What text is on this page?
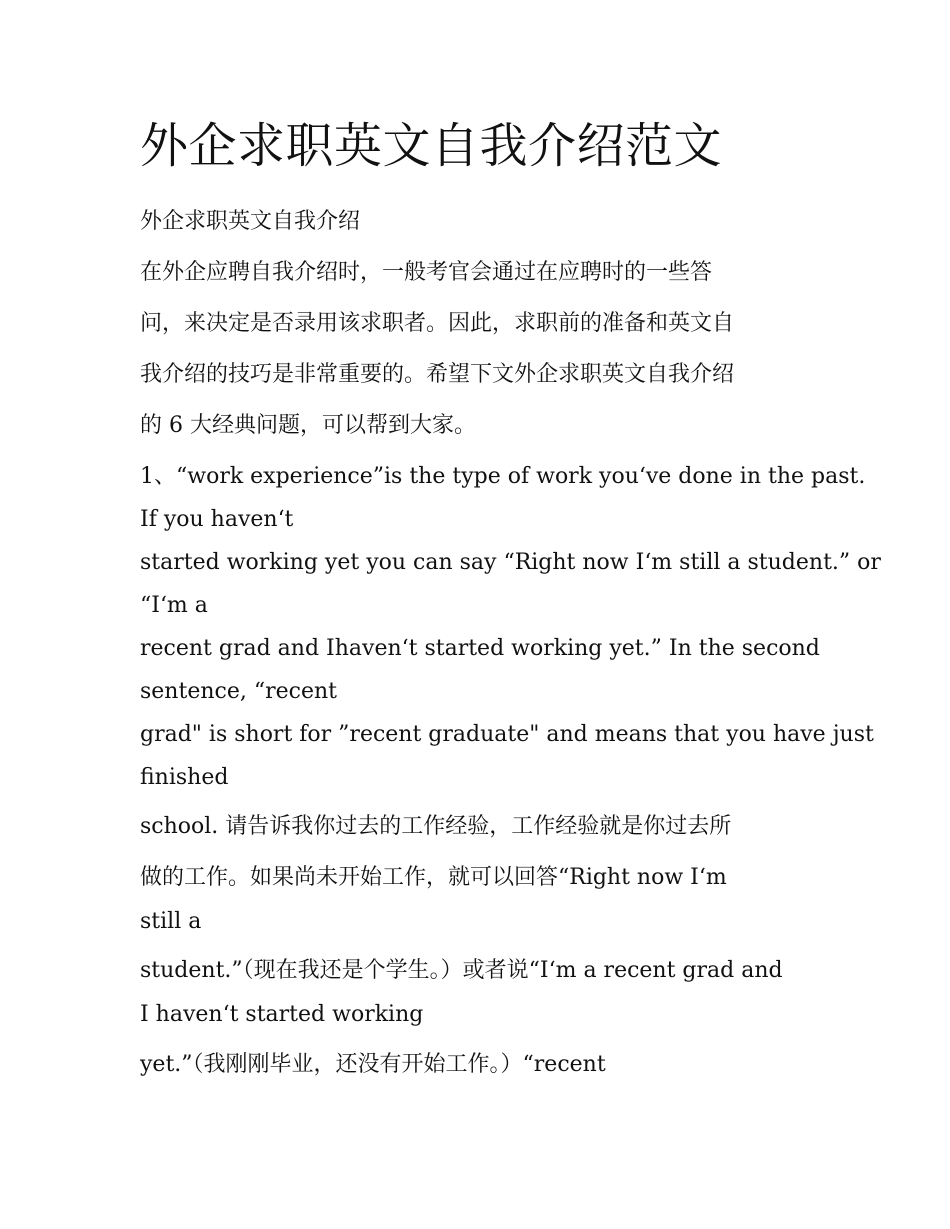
外企求职英文自我介绍范文

外企求职英文自我介绍

在外企应聘自我介绍时，一般考官会通过在应聘时的一些答
问，来决定是否录用该求职者。因此，求职前的准备和英文自
我介绍的技巧是非常重要的。希望下文外企求职英文自我介绍
的 6 大经典问题，可以帮到大家。
1、“work experience”is the type of work you‘ve done in the past.
If you haven‘t
started working yet you can say “Right now I‘m still a student.” or
“I‘m a
recent grad and Ihaven‘t started working yet.” In the second
sentence, “recent
grad" is short for ”recent graduate" and means that you have just
finished
school. 请告诉我你过去的工作经验，工作经验就是你过去所
做的工作。如果尚未开始工作，就可以回答“Right now I‘m
still a
student.”（现在我还是个学生。）或者说“I‘m a recent grad and
I haven‘t started working
yet.”（我刚刚毕业，还没有开始工作。）“recent
